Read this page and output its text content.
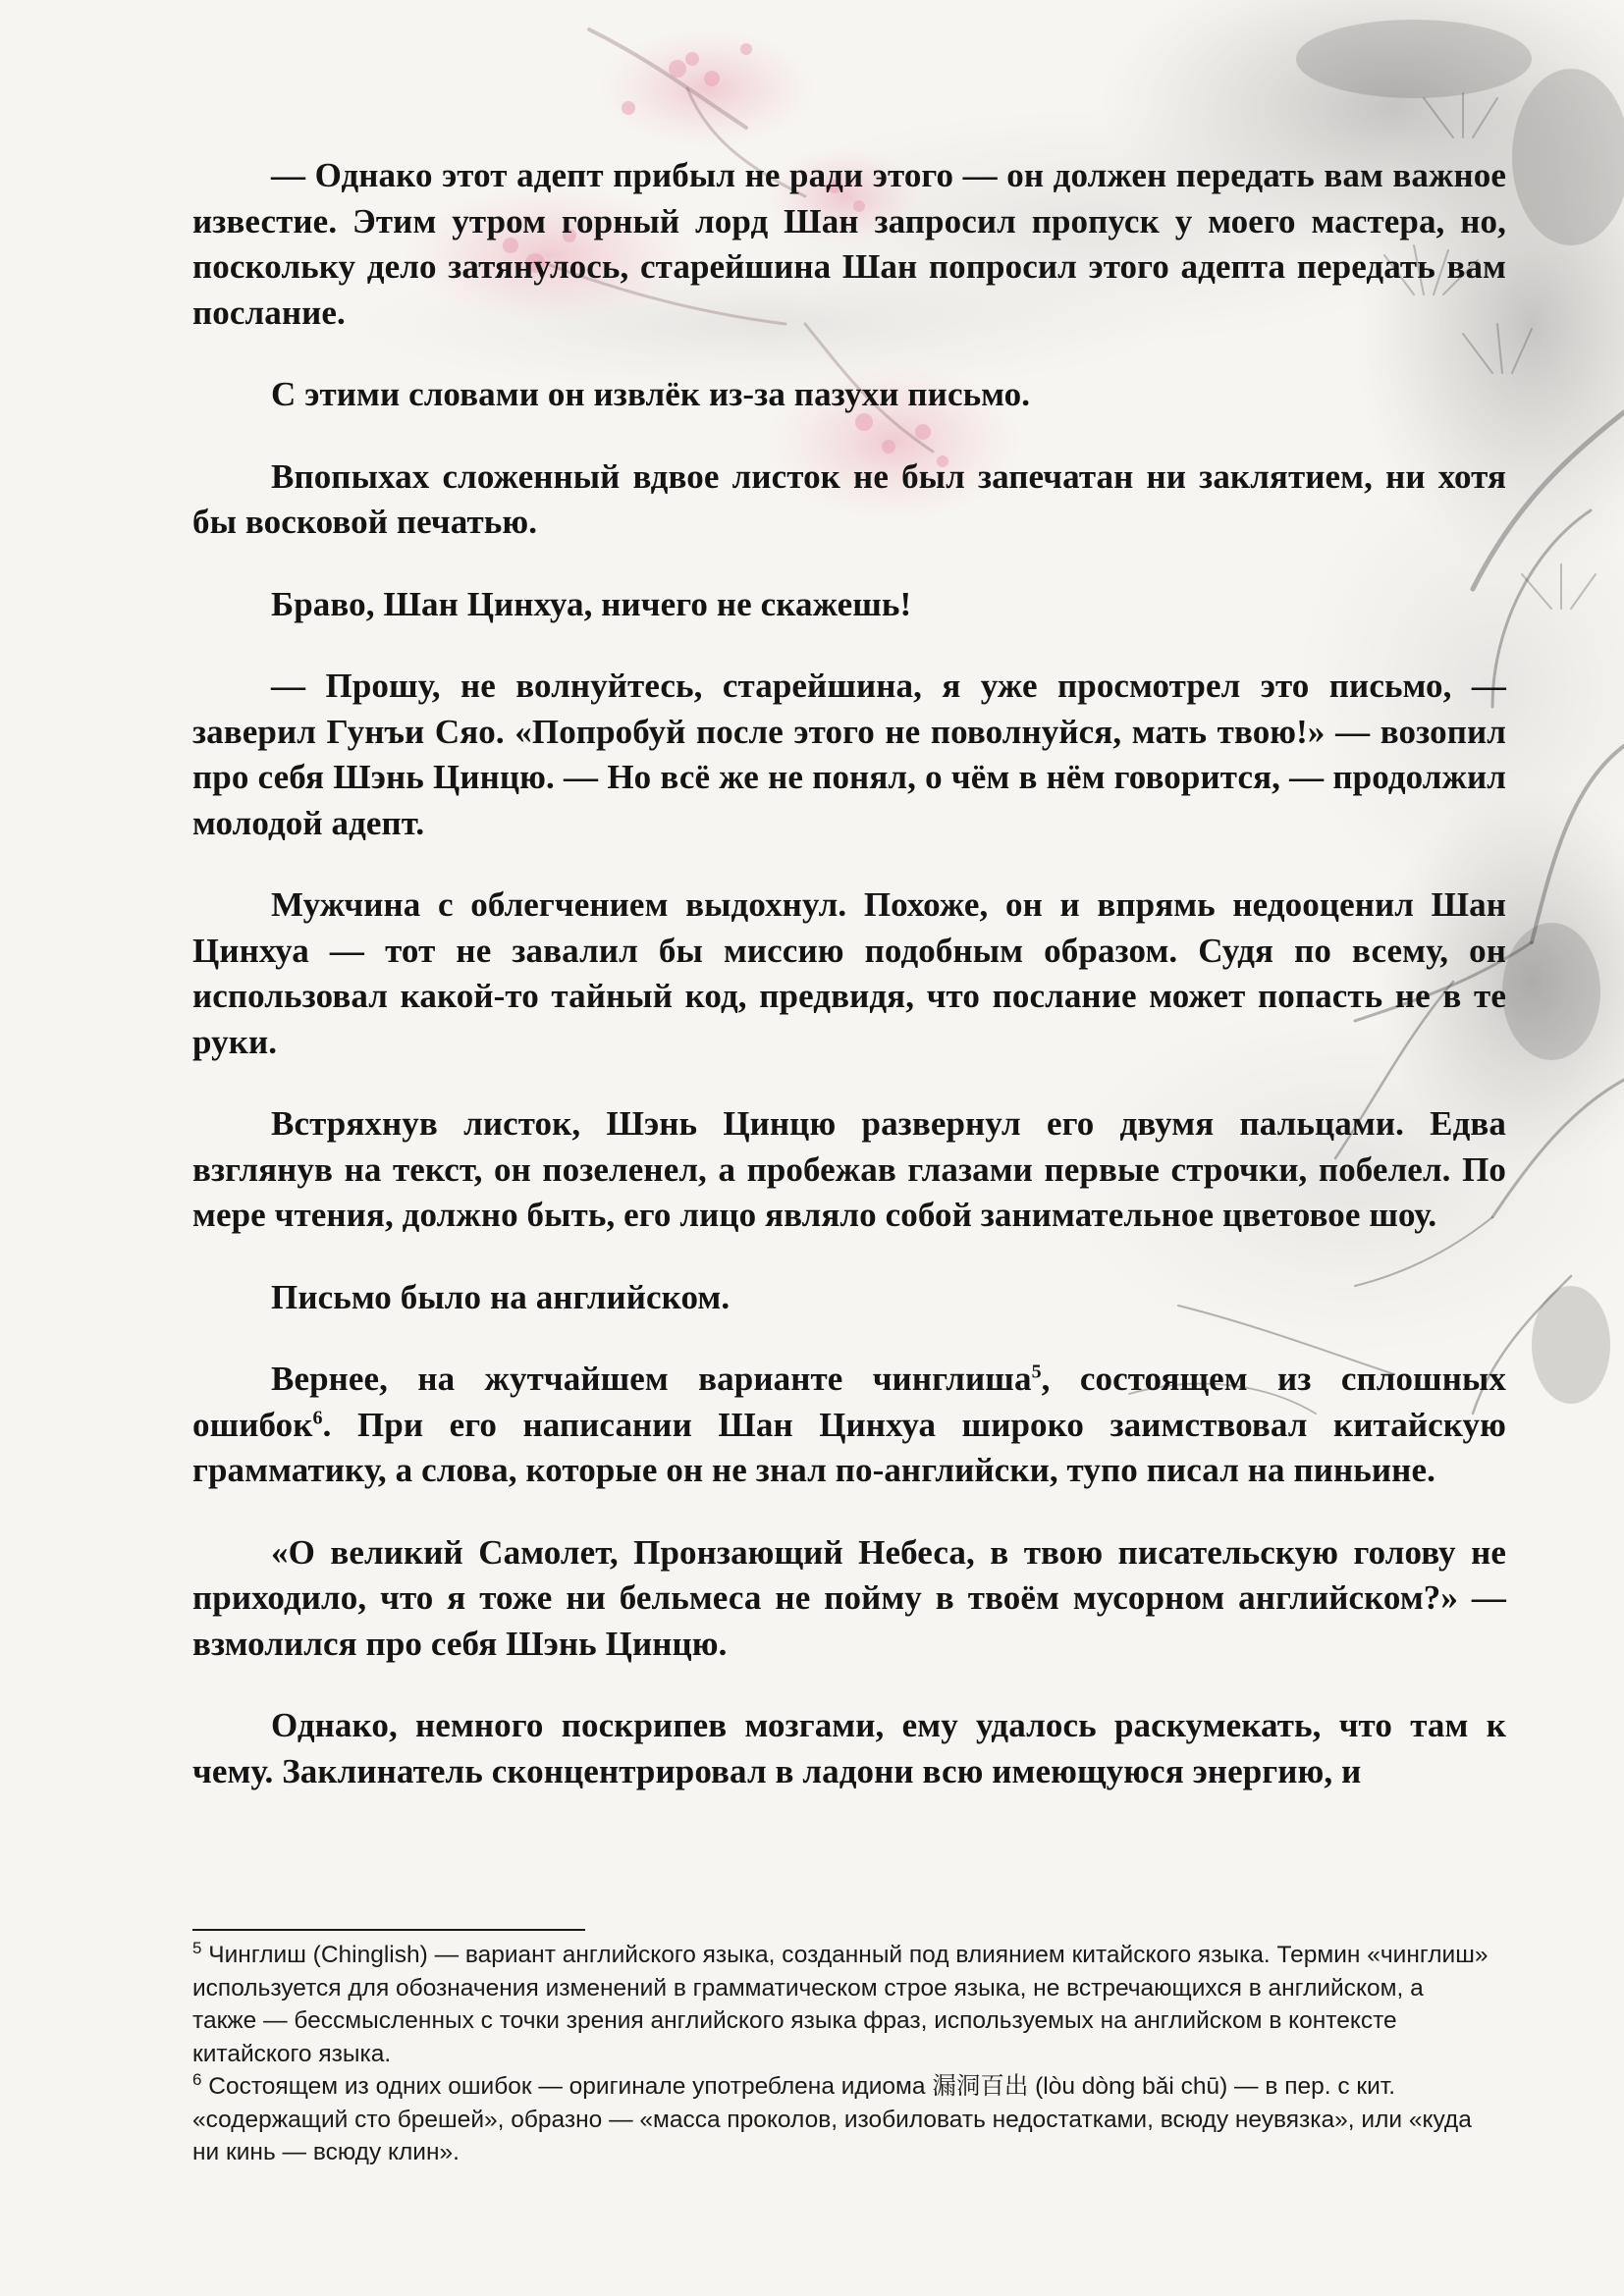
— Однако этот адепт прибыл не ради этого — он должен передать вам важное известие. Этим утром горный лорд Шан запросил пропуск у моего мастера, но, поскольку дело затянулось, старейшина Шан попросил этого адепта передать вам послание.

С этими словами он извлёк из-за пазухи письмо.

Впопыхах сложенный вдвое листок не был запечатан ни заклятием, ни хотя бы восковой печатью.

Браво, Шан Цинхуа, ничего не скажешь!

— Прошу, не волнуйтесь, старейшина, я уже просмотрел это письмо, — заверил Гунъи Сяо. «Попробуй после этого не поволнуйся, мать твою!» — возопил про себя Шэнь Цинцю. — Но всё же не понял, о чём в нём говорится, — продолжил молодой адепт.

Мужчина с облегчением выдохнул. Похоже, он и впрямь недооценил Шан Цинхуа — тот не завалил бы миссию подобным образом. Судя по всему, он использовал какой-то тайный код, предвидя, что послание может попасть не в те руки.

Встряхнув листок, Шэнь Цинцю развернул его двумя пальцами. Едва взглянув на текст, он позеленел, а пробежав глазами первые строчки, побелел. По мере чтения, должно быть, его лицо являло собой занимательное цветовое шоу.

Письмо было на английском.

Вернее, на жутчайшем варианте чинглиша$^5$, состоящем из сплошных ошибок$^6$. При его написании Шан Цинхуа широко заимствовал китайскую грамматику, а слова, которые он не знал по-английски, тупо писал на пиньине.

«О великий Самолет, Пронзающий Небеса, в твою писательскую голову не приходило, что я тоже ни бельмеса не пойму в твоём мусорном английском?» — взмолился про себя Шэнь Цинцю.

Однако, немного поскрипев мозгами, ему удалось раскумекать, что там к чему. Заклинатель сконцентрировал в ладони всю имеющуюся энергию, и

$^5$ Чинглиш (Chinglish) — вариант английского языка, созданный под влиянием китайского языка. Термин «чинглиш» используется для обозначения изменений в грамматическом строе языка, не встречающихся в английском, а также — бессмысленных с точки зрения английского языка фраз, используемых на английском в контексте китайского языка.

$^6$ Состоящем из одних ошибок — оригинале употреблена идиома 漏洞百出 (lòu dòng bǎi chū) — в пер. с кит. «содержащий сто брешей», образно — «масса проколов, изобиловать недостатками, всюду неувязка», или «куда ни кинь — всюду клин».
